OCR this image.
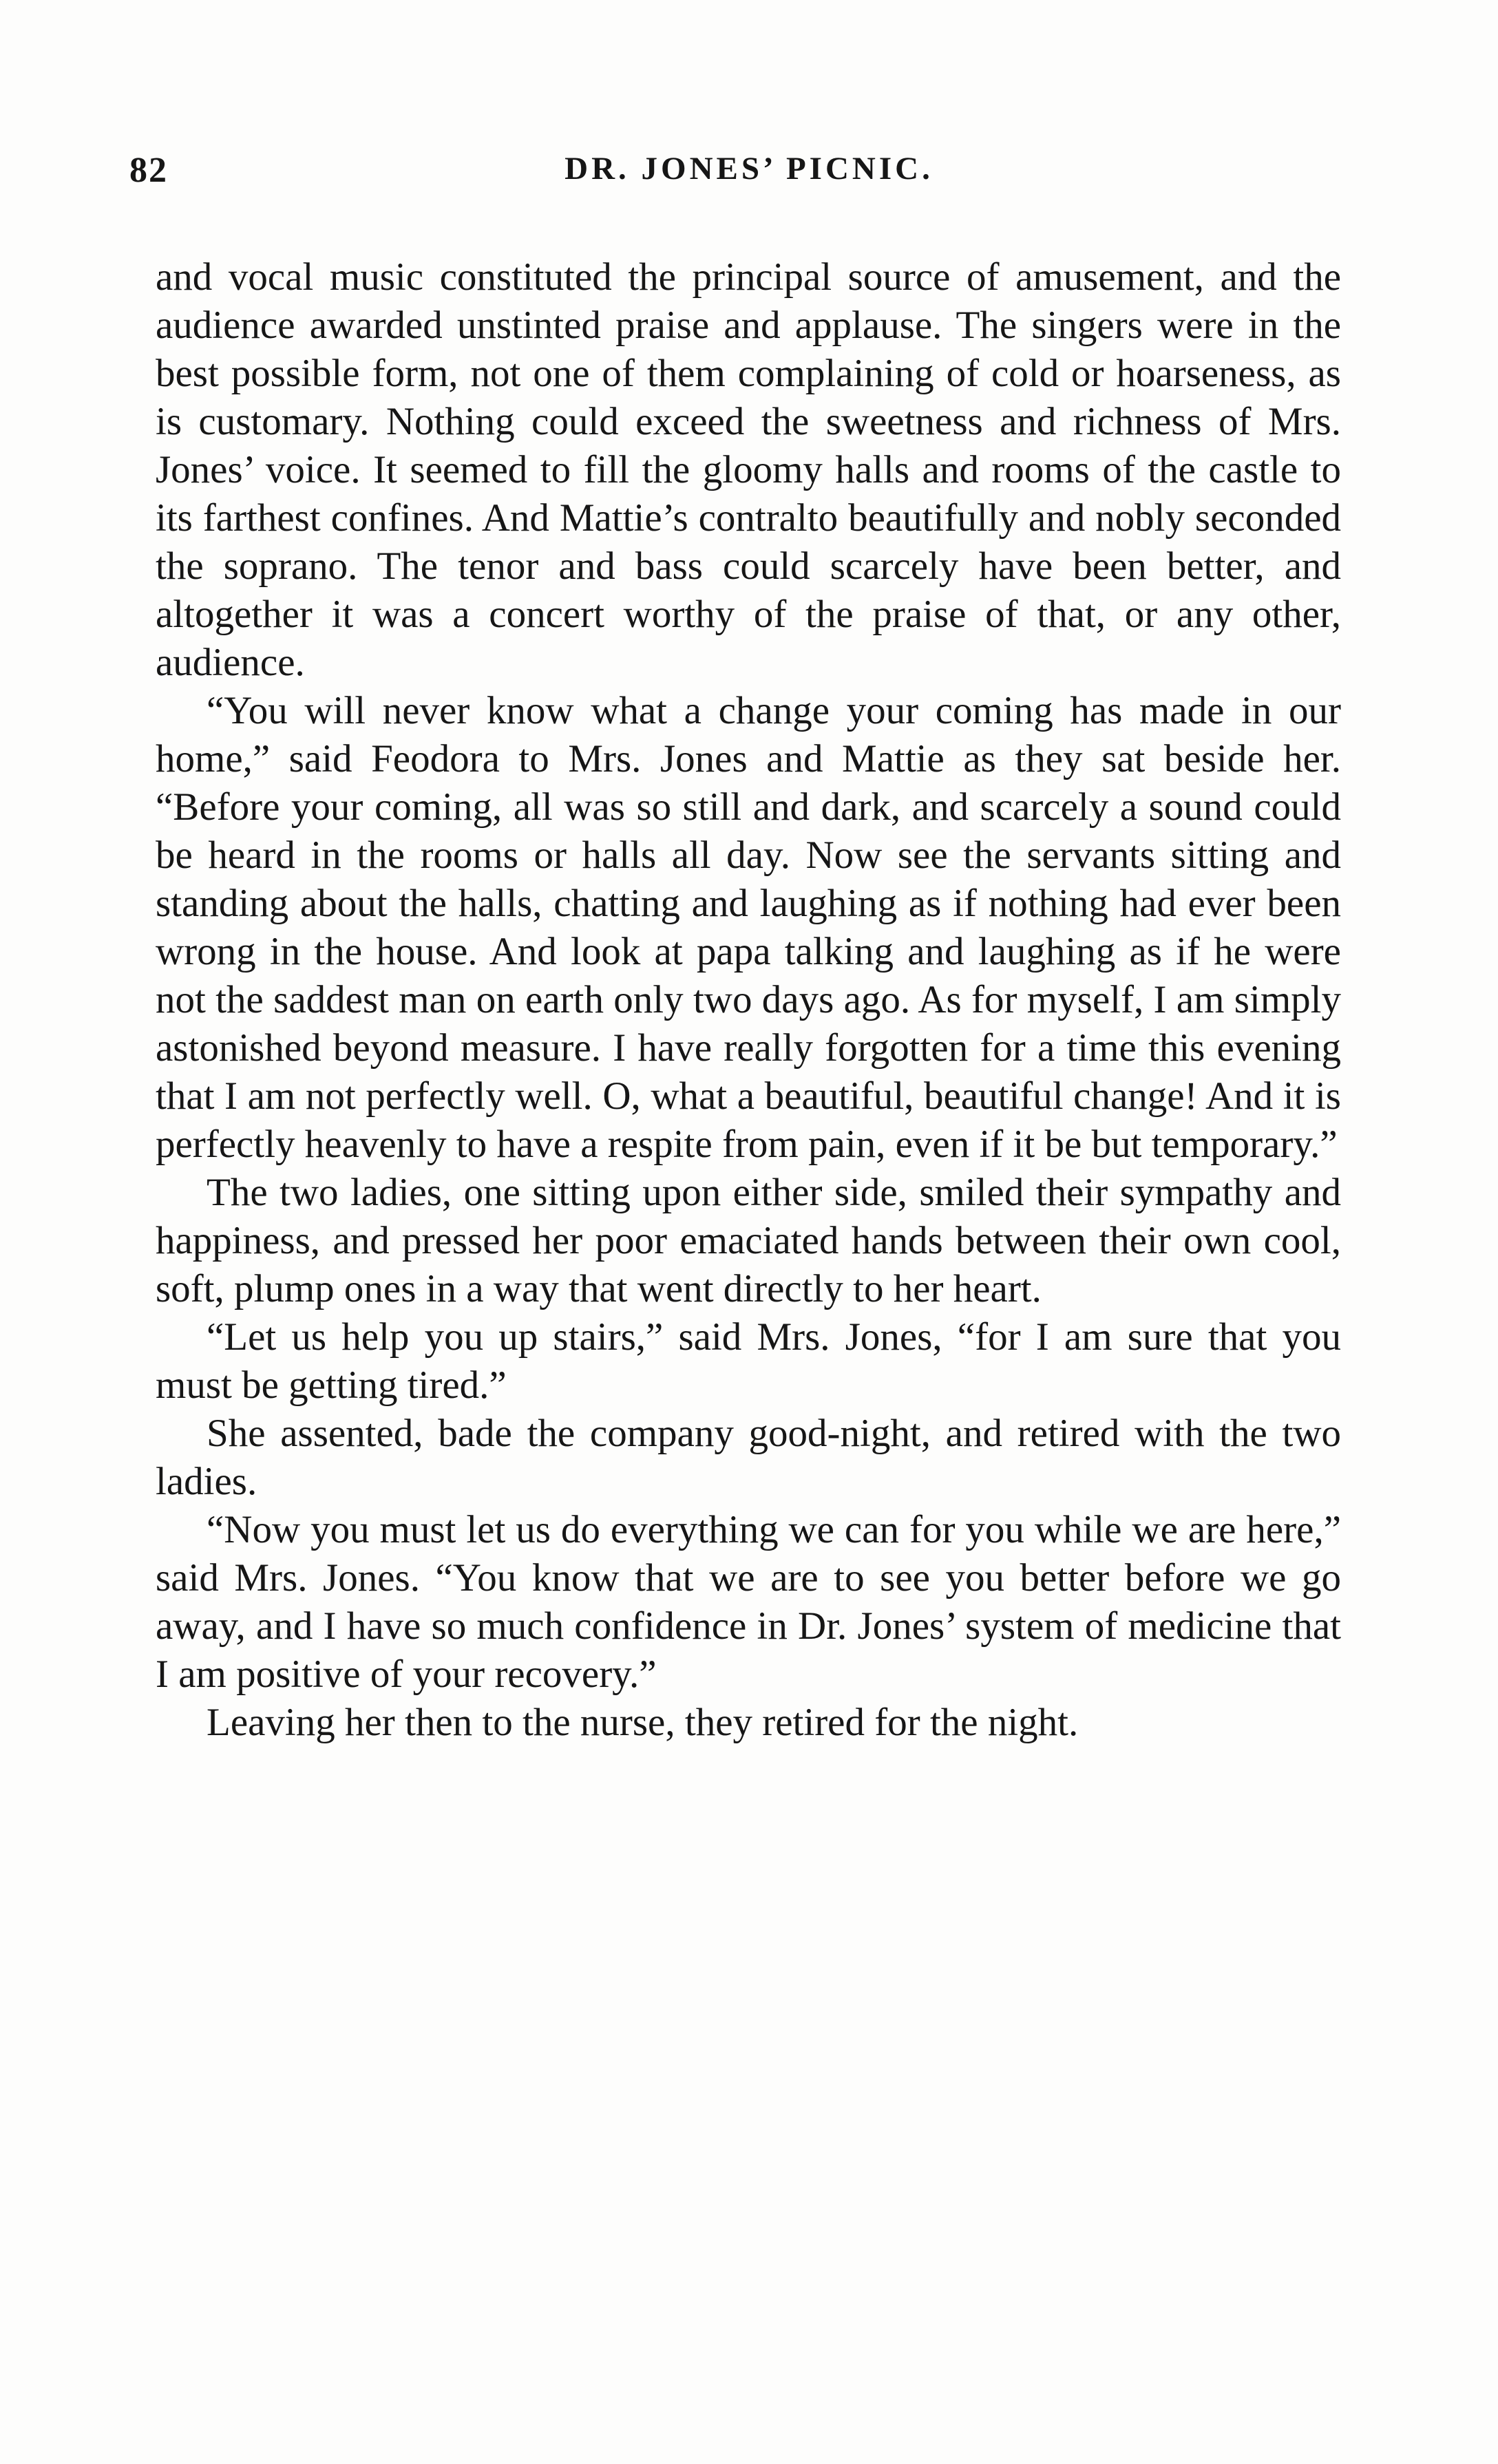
82	DR. JONES’ PICNIC.

and vocal music constituted the principal source of amusement, and the audience awarded unstinted praise and applause. The singers were in the best possible form, not one of them complaining of cold or hoarseness, as is customary. Nothing could exceed the sweetness and richness of Mrs. Jones’ voice. It seemed to fill the gloomy halls and rooms of the castle to its farthest confines. And Mattie’s contralto beautifully and nobly seconded the soprano. The tenor and bass could scarcely have been better, and altogether it was a concert worthy of the praise of that, or any other, audience.

“You will never know what a change your coming has made in our home,” said Feodora to Mrs. Jones and Mattie as they sat beside her. “Before your coming, all was so still and dark, and scarcely a sound could be heard in the rooms or halls all day. Now see the servants sitting and standing about the halls, chatting and laughing as if nothing had ever been wrong in the house. And look at papa talking and laughing as if he were not the saddest man on earth only two days ago. As for myself, I am simply astonished beyond measure. I have really forgotten for a time this evening that I am not perfectly well. O, what a beautiful, beautiful change! And it is perfectly heavenly to have a respite from pain, even if it be but temporary.”

The two ladies, one sitting upon either side, smiled their sympathy and happiness, and pressed her poor emaciated hands between their own cool, soft, plump ones in a way that went directly to her heart.

“Let us help you up stairs,” said Mrs. Jones, “for I am sure that you must be getting tired.”

She assented, bade the company good-night, and retired with the two ladies.

“Now you must let us do everything we can for you while we are here,” said Mrs. Jones. “You know that we are to see you better before we go away, and I have so much confidence in Dr. Jones’ system of medicine that I am positive of your recovery.”

Leaving her then to the nurse, they retired for the night.
